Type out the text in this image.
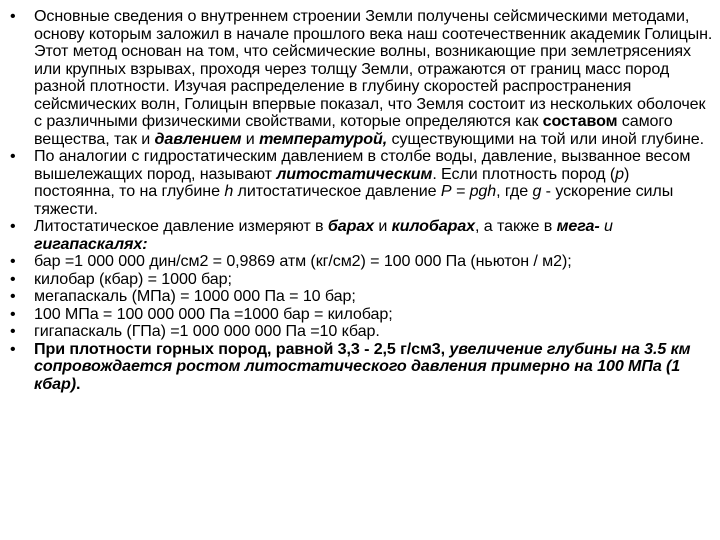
• Основные сведения о внутреннем строении Земли получены сейсмическими методами, основу которым заложил в начале прошлого века наш соотечественник академик Голицын. Этот метод основан на том, что сейсмические волны, возникающие при землетрясениях или крупных взрывах, проходя через толщу Земли, отражаются от границ масс пород разной плотности. Изучая распределение в глубину скоростей распространения сейсмических волн, Голицын впервые показал, что Земля состоит из нескольких оболочек с различными физическими свойствами, которые определяются как составом самого вещества, так и давлением и температурой, существующими на той или иной глубине.
• По аналогии с гидростатическим давлением в столбе воды, давление, вызванное весом вышележащих пород, называют литостатическим. Если плотность пород (р) постоянна, то на глубине h литостатическое давление Р = pgh, где g - ускорение силы тяжести.
• Литостатическое давление измеряют в барах и килобарах, а также в мега- и гигапаскалях:
• бар =1 000 000 дин/см2 = 0,9869 атм (кг/см2) = 100 000 Па (ньютон / м2);
• килобар (кбар) = 1000 бар;
• мегапаскаль (МПа) = 1000 000 Па = 10 бар;
• 100 МПа = 100 000 000 Па =1000 бар = килобар;
• гигапаскаль (ГПа) =1 000 000 000 Па =10 кбар.
• При плотности горных пород, равной 3,3 - 2,5 г/см3, увеличение глубины на 3.5 км сопровождается ростом литостатического давления примерно на 100 МПа (1 кбар).
